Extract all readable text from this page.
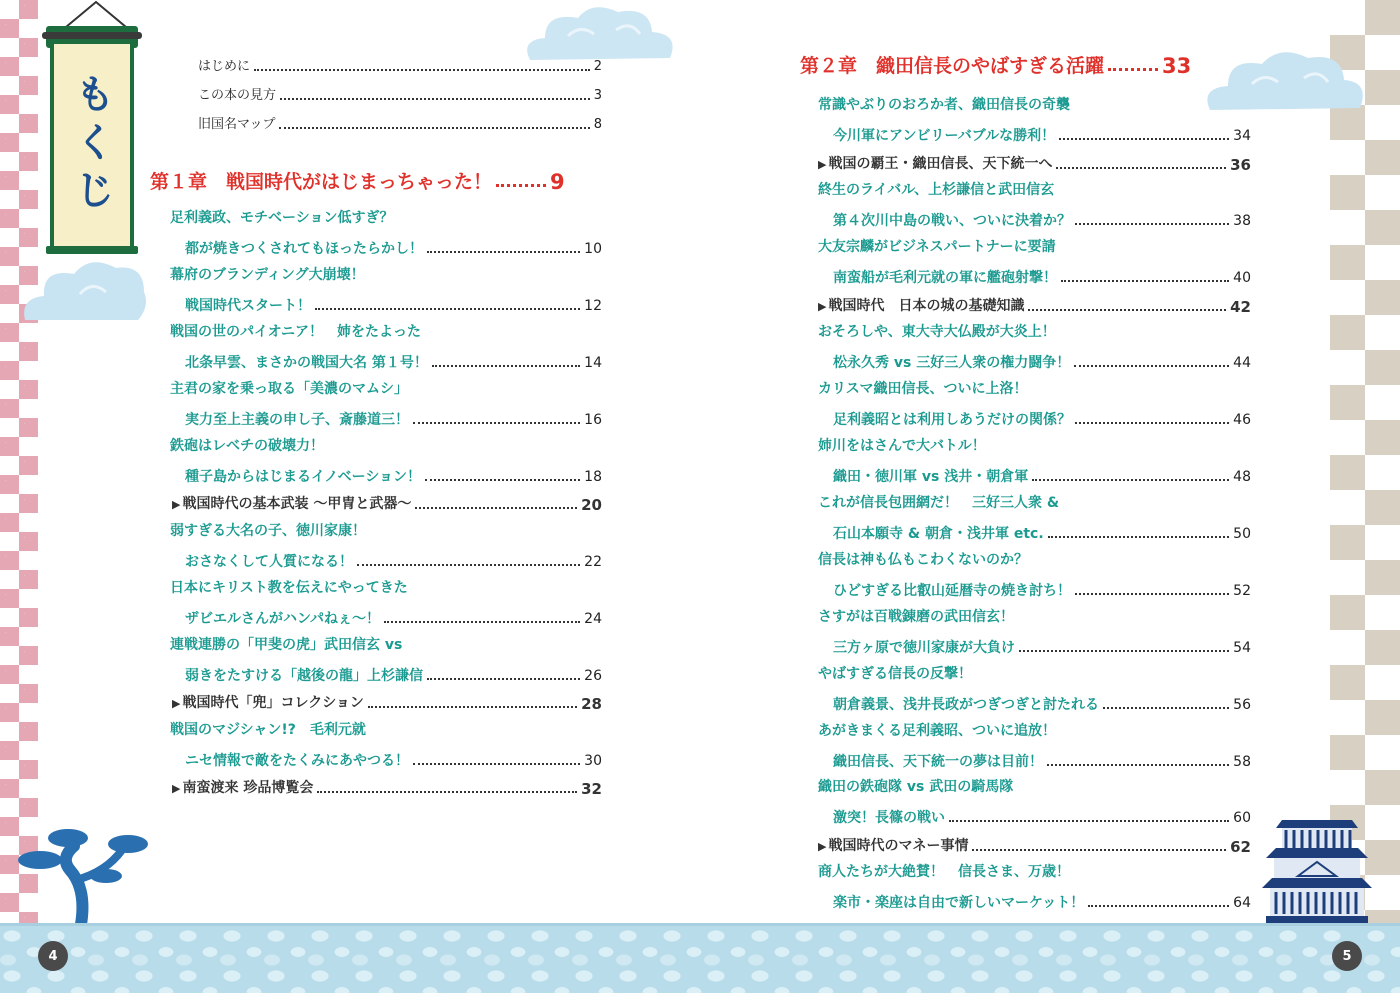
もくじ
はじめに	2
この本の見方	3
旧国名マップ	8
第１章　戦国時代がはじまっちゃった！	9
足利義政、モチベーション低すぎ？
都が焼きつくされてもほったらかし！	10
幕府のブランディング大崩壊！
戦国時代スタート！	12
戦国の世のパイオニア！　姉をたよった
北条早雲、まさかの戦国大名 第１号！	14
主君の家を乗っ取る「美濃のマムシ」
実力至上主義の申し子、斎藤道三！	16
鉄砲はレベチの破壊力！
種子島からはじまるイノベーション！	18
▶ 戦国時代の基本武装 〜甲冑と武器〜	20
弱すぎる大名の子、徳川家康！
おさなくして人質になる！	22
日本にキリスト教を伝えにやってきた
ザビエルさんがハンパねぇ〜！	24
連戦連勝の「甲斐の虎」武田信玄 vs
弱きをたすける「越後の龍」上杉謙信	26
▶ 戦国時代「兜」コレクション	28
戦国のマジシャン!?　毛利元就
ニセ情報で敵をたくみにあやつる！	30
▶ 南蛮渡来 珍品博覧会	32
第２章　織田信長のやばすぎる活躍	33
常識やぶりのおろか者、織田信長の奇襲
今川軍にアンビリーバブルな勝利！	34
▶ 戦国の覇王・織田信長、天下統一へ	36
終生のライバル、上杉謙信と武田信玄
第４次川中島の戦い、ついに決着か？	38
大友宗麟がビジネスパートナーに要請
南蛮船が毛利元就の軍に艦砲射撃！	40
▶ 戦国時代　日本の城の基礎知識	42
おそろしや、東大寺大仏殿が大炎上！
松永久秀 vs 三好三人衆の権力闘争！	44
カリスマ織田信長、ついに上洛！
足利義昭とは利用しあうだけの関係？	46
姉川をはさんで大バトル！
織田・徳川軍 vs 浅井・朝倉軍	48
これが信長包囲網だ！　三好三人衆 &
石山本願寺 & 朝倉・浅井軍 etc.	50
信長は神も仏もこわくないのか？
ひどすぎる比叡山延暦寺の焼き討ち！	52
さすがは百戦錬磨の武田信玄！
三方ヶ原で徳川家康が大負け	54
やばすぎる信長の反撃！
朝倉義景、浅井長政がつぎつぎと討たれる	56
あがきまくる足利義昭、ついに追放！
織田信長、天下統一の夢は目前！	58
織田の鉄砲隊 vs 武田の騎馬隊
激突！長篠の戦い	60
▶ 戦国時代のマネー事情	62
商人たちが大絶賛！　信長さま、万歳！
楽市・楽座は自由で新しいマーケット！	64
4	5
